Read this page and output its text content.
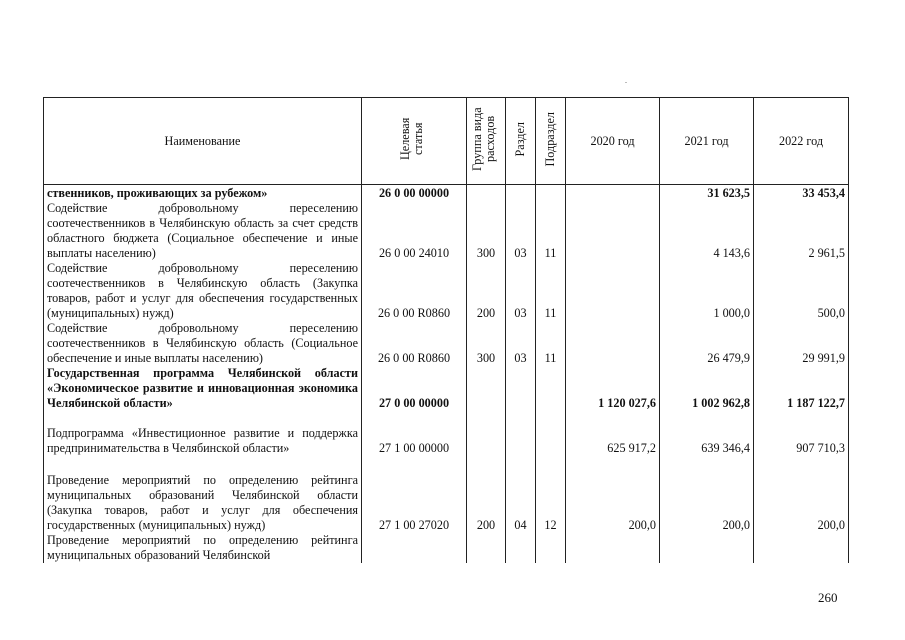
Наименование	Целевая статья	Группа вида расходов	Раздел	Подраздел	2020 год	2021 год	2022 год
ственников, проживающих за рубежом»	26 0 00 00000					31 623,5	33 453,4
Содействие добровольному переселению соотечественников в Челябинскую область за счет средств областного бюджета (Социальное обеспечение и иные выплаты населению)	26 0 00 24010	300	03	11		4 143,6	2 961,5
Содействие добровольному переселению соотечественников в Челябинскую область (Закупка товаров, работ и услуг для обеспечения государственных (муниципальных) нужд)	26 0 00 R0860	200	03	11		1 000,0	500,0
Содействие добровольному переселению соотечественников в Челябинскую область (Социальное обеспечение и иные выплаты населению)	26 0 00 R0860	300	03	11		26 479,9	29 991,9
Государственная программа Челябинской области «Экономическое развитие и инновационная экономика Челябинской области»	27 0 00 00000				1 120 027,6	1 002 962,8	1 187 122,7
Подпрограмма «Инвестиционное развитие и поддержка предпринимательства в Челябинской области»	27 1 00 00000				625 917,2	639 346,4	907 710,3
Проведение мероприятий по определению рейтинга муниципальных образований Челябинской области (Закупка товаров, работ и услуг для обеспечения государственных (муниципальных) нужд)	27 1 00 27020	200	04	12	200,0	200,0	200,0
Проведение мероприятий по определению рейтинга муниципальных образований Челябинской							
260
